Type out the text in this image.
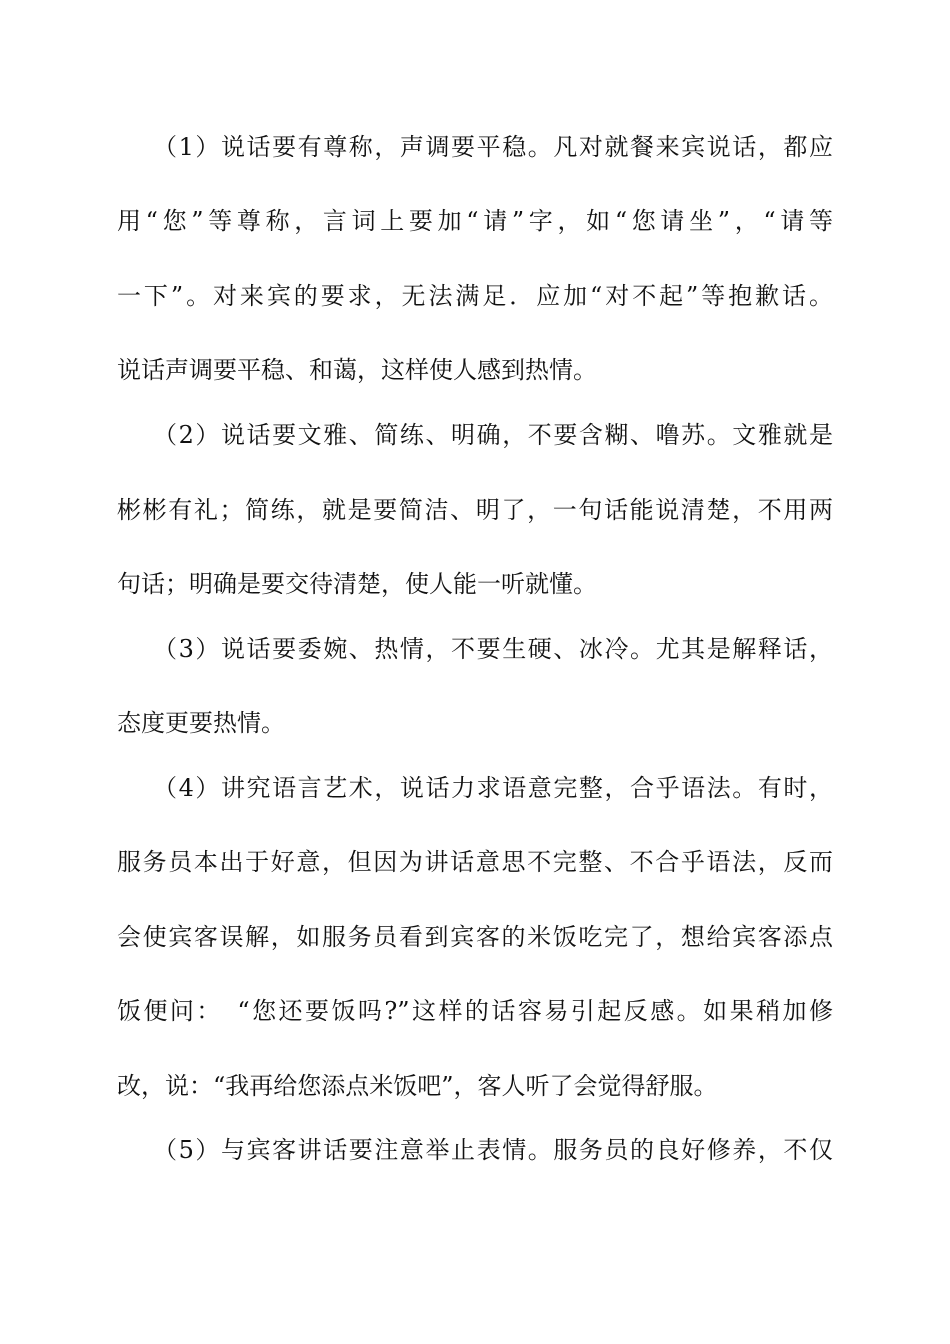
（1）说话要有尊称，声调要平稳。凡对就餐来宾说话，都应
用“您”等尊称，言词上要加“请”字，如“您请坐”，“请等
一下”。对来宾的要求，无法满足．应加“对不起”等抱歉话。
说话声调要平稳、和蔼，这样使人感到热情。
（2）说话要文雅、简练、明确，不要含糊、噜苏。文雅就是
彬彬有礼；简练，就是要简洁、明了，一句话能说清楚，不用两
句话；明确是要交待清楚，使人能一听就懂。
（3）说话要委婉、热情，不要生硬、冰冷。尤其是解释话，
态度更要热情。
（4）讲究语言艺术，说话力求语意完整，合乎语法。有时，
服务员本出于好意，但因为讲话意思不完整、不合乎语法，反而
会使宾客误解，如服务员看到宾客的米饭吃完了，想给宾客添点
饭便问：　“您还要饭吗?”这样的话容易引起反感。如果稍加修
改，说：“我再给您添点米饭吧”，客人听了会觉得舒服。
（5）与宾客讲话要注意举止表情。服务员的良好修养，不仅
